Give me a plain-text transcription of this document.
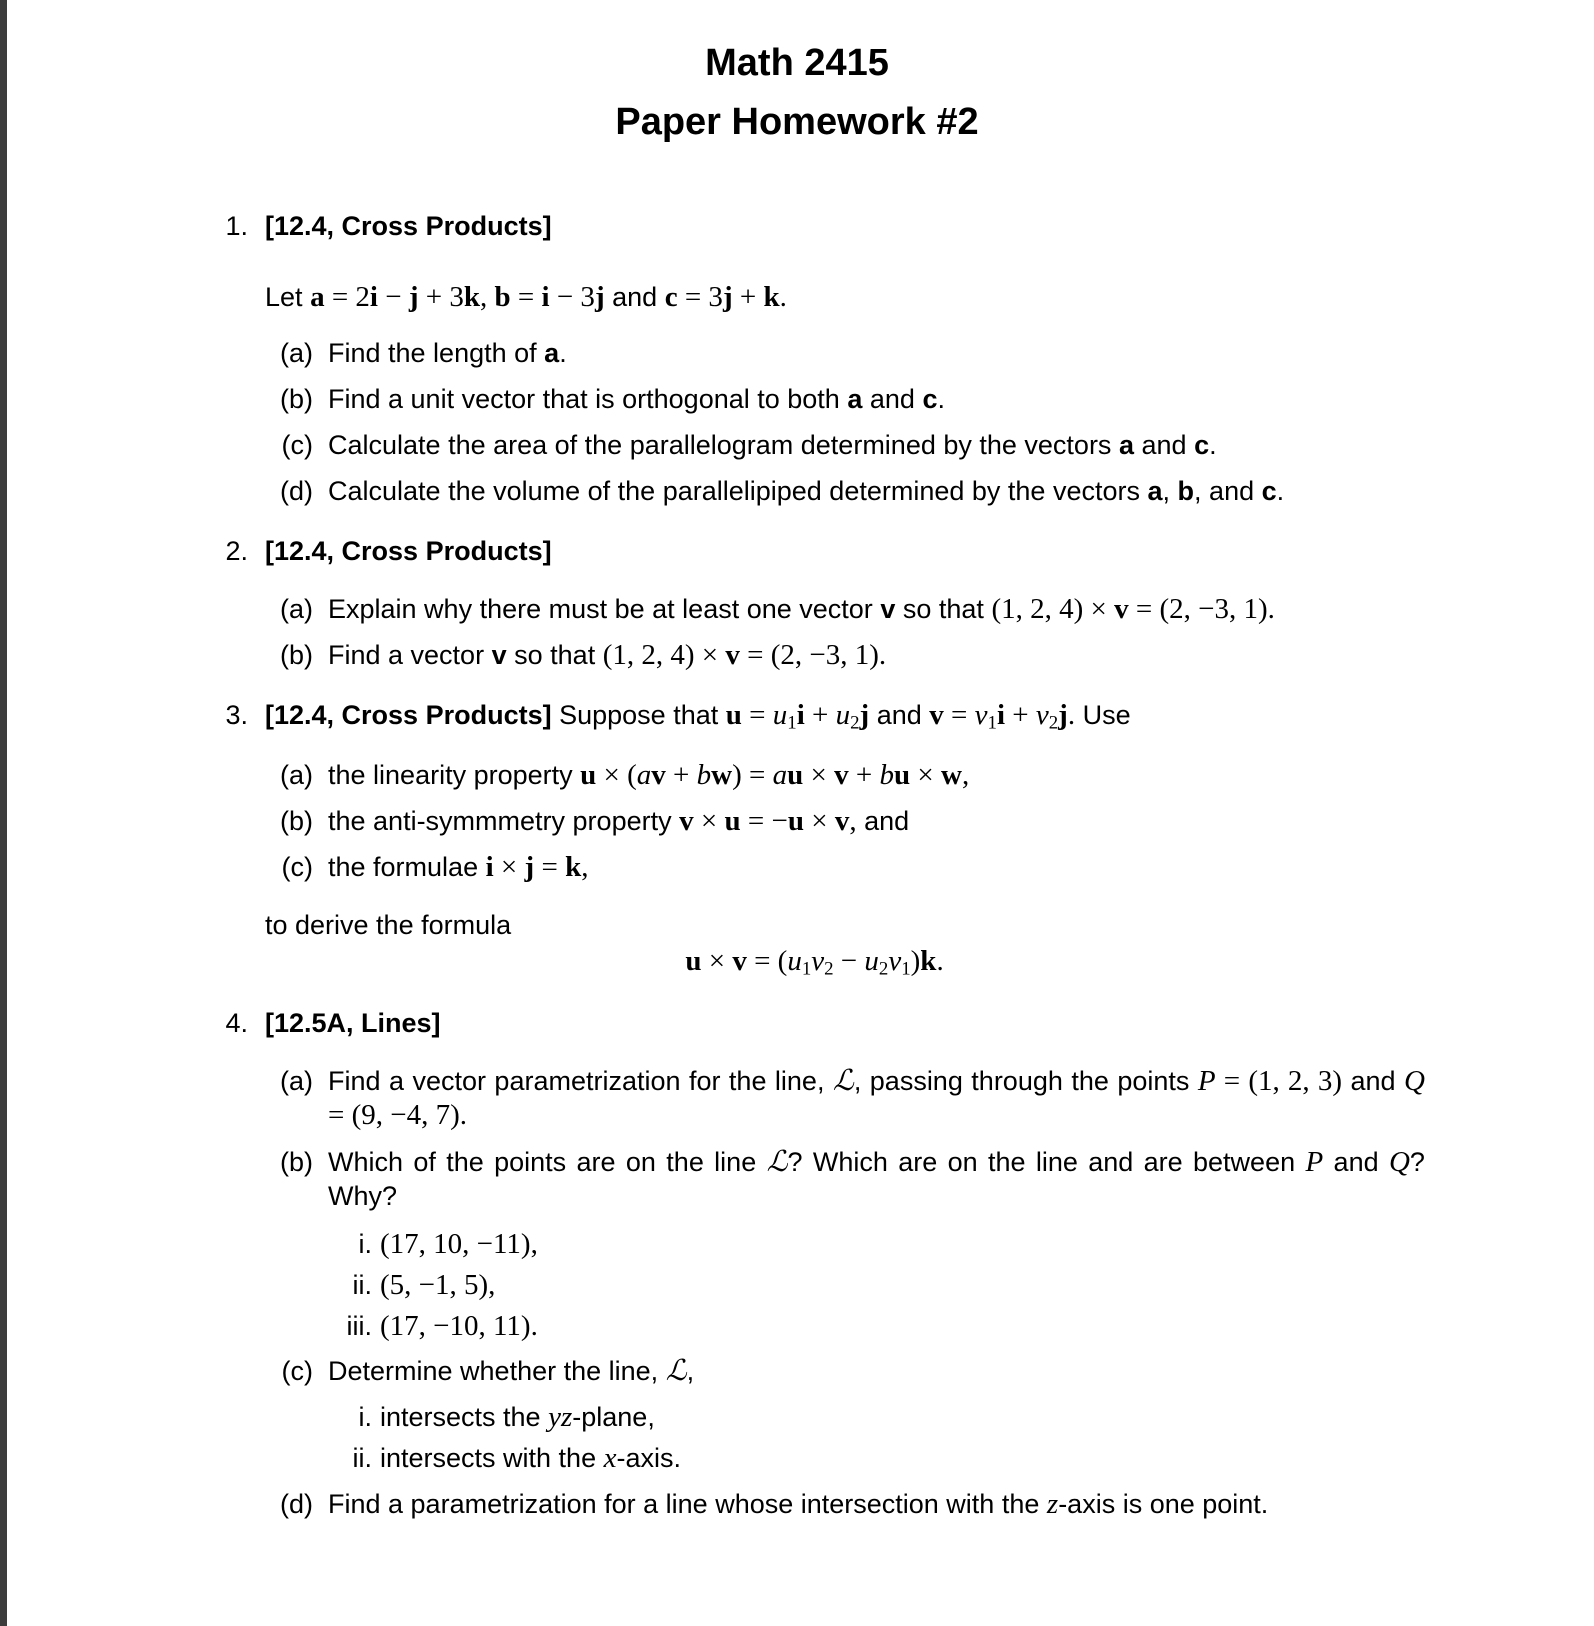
Math 2415
Paper Homework #2
1. [12.4, Cross Products]
Let a = 2i − j + 3k, b = i − 3j and c = 3j + k.
(a) Find the length of a.
(b) Find a unit vector that is orthogonal to both a and c.
(c) Calculate the area of the parallelogram determined by the vectors a and c.
(d) Calculate the volume of the parallelipiped determined by the vectors a, b, and c.
2. [12.4, Cross Products]
(a) Explain why there must be at least one vector v so that (1, 2, 4) × v = (2, −3, 1).
(b) Find a vector v so that (1, 2, 4) × v = (2, −3, 1).
3. [12.4, Cross Products] Suppose that $u = u_1i + u_2j$ and $v = v_1i + v_2j$. Use
(a) the linearity property u × (av + bw) = au × v + bu × w,
(b) the anti-symmmetry property v × u = −u × v, and
(c) the formulae i × j = k,
to derive the formula
$u \times v = (u_1v_2 - u_2v_1)k$.
4. [12.5A, Lines]
(a) Find a vector parametrization for the line, ℒ, passing through the points P = (1, 2, 3) and Q = (9, −4, 7).
(b) Which of the points are on the line ℒ? Which are on the line and are between P and Q? Why?
i. (17, 10, −11),
ii. (5, −1, 5),
iii. (17, −10, 11).
(c) Determine whether the line, ℒ,
i. intersects the yz-plane,
ii. intersects with the x-axis.
(d) Find a parametrization for a line whose intersection with the z-axis is one point.
